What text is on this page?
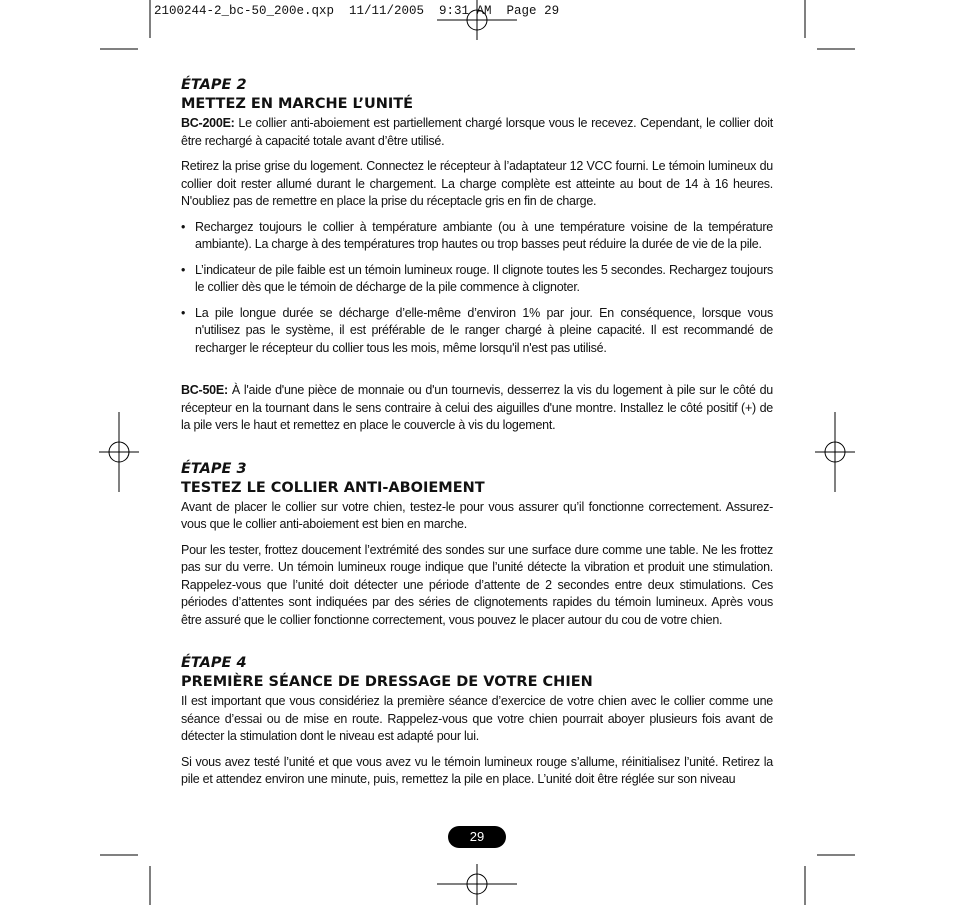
2100244-2_bc-50_200e.qxp  11/11/2005  9:31 AM  Page 29
ÉTAPE 2
METTEZ EN MARCHE L’UNITÉ

BC-200E: Le collier anti-aboiement est partiellement chargé lorsque vous le recevez. Cependant, le collier doit être rechargé à capacité totale avant d’être utilisé.

Retirez la prise grise du logement. Connectez le récepteur à l’adaptateur 12 VCC fourni. Le témoin lumineux du collier doit rester allumé durant le chargement. La charge complète est atteinte au bout de 14 à 16 heures. N'oubliez pas de remettre en place la prise du réceptacle gris en fin de charge.

• Rechargez toujours le collier à température ambiante (ou à une température voisine de la température ambiante). La charge à des températures trop hautes ou trop basses peut réduire la durée de vie de la pile.
• L’indicateur de pile faible est un témoin lumineux rouge. Il clignote toutes les 5 secondes. Rechargez toujours le collier dès que le témoin de décharge de la pile commence à clignoter.
• La pile longue durée se décharge d’elle-même d’environ 1% par jour. En conséquence, lorsque vous n'utilisez pas le système, il est préférable de le ranger chargé à pleine capacité. Il est recommandé de recharger le récepteur du collier tous les mois, même lorsqu'il n'est pas utilisé.

BC-50E: À l'aide d'une pièce de monnaie ou d'un tournevis, desserrez la vis du logement à pile sur le côté du récepteur en la tournant dans le sens contraire à celui des aiguilles d'une montre. Installez le côté positif (+) de la pile vers le haut et remettez en place le couvercle à vis du logement.

ÉTAPE 3
TESTEZ LE COLLIER ANTI-ABOIEMENT

Avant de placer le collier sur votre chien, testez-le pour vous assurer qu’il fonctionne correctement. Assurez-vous que le collier anti-aboiement est bien en marche.

Pour les tester, frottez doucement l’extrémité des sondes sur une surface dure comme une table. Ne les frottez pas sur du verre. Un témoin lumineux rouge indique que l’unité détecte la vibration et produit une stimulation. Rappelez-vous que l’unité doit détecter une période d’attente de 2 secondes entre deux stimulations. Ces périodes d’attentes sont indiquées par des séries de clignotements rapides du témoin lumineux. Après vous être assuré que le collier fonctionne correctement, vous pouvez le placer autour du cou de votre chien.

ÉTAPE 4
PREMIÈRE SÉANCE DE DRESSAGE DE VOTRE CHIEN

Il est important que vous considériez la première séance d’exercice de votre chien avec le collier comme une séance d’essai ou de mise en route. Rappelez-vous que votre chien pourrait aboyer plusieurs fois avant de détecter la stimulation dont le niveau est adapté pour lui.

Si vous avez testé l’unité et que vous avez vu le témoin lumineux rouge s’allume, réinitialisez l’unité. Retirez la pile et attendez environ une minute, puis, remettez la pile en place. L’unité doit être réglée sur son niveau

29
